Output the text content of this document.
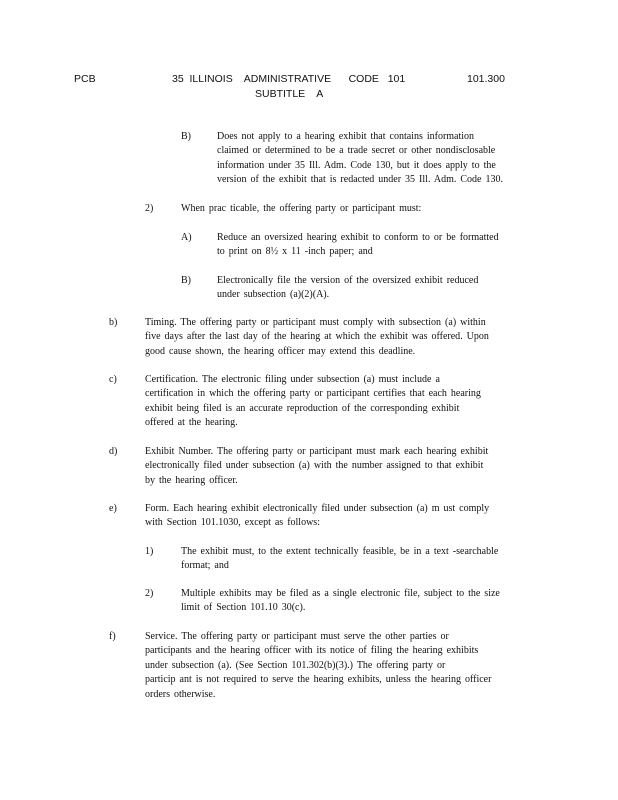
PCB	35  ILLINOIS    ADMINISTRATIVE      CODE   101	101.300
SUBTITLE    A
B)	Does not apply to a hearing exhibit that contains information
claimed or determined to be a trade secret or other nondisclosable
information under 35 Ill. Adm. Code 130, but it does apply to the
version of the exhibit that is redacted under 35 Ill. Adm. Code 130.
2)	When prac ticable, the offering party or participant must:
A)	Reduce an oversized hearing exhibit to conform to or be formatted
to print on 8½ x 11 -inch paper; and
B)	Electronically file the version of the oversized exhibit reduced
under subsection (a)(2)(A).
b)	Timing. The offering party or participant must comply with subsection (a) within
five days after the last day of the hearing at which the exhibit was offered. Upon
good cause shown, the hearing officer may extend this deadline.
c)	Certification. The electronic filing under subsection (a) must include a
certification in which the offering party or participant certifies that each hearing
exhibit being filed is an accurate reproduction of the corresponding exhibit
offered at the hearing.
d)	Exhibit Number. The offering party or participant must mark each hearing exhibit
electronically filed under subsection (a) with the number assigned to that exhibit
by the hearing officer.
e)	Form. Each hearing exhibit electronically filed under subsection (a) m ust comply
with Section 101.1030, except as follows:
1)	The exhibit must, to the extent technically feasible, be in a text -searchable
format; and
2)	Multiple exhibits may be filed as a single electronic file, subject to the size
limit of Section 101.10 30(c).
f)	Service. The offering party or participant must serve the other parties or
participants and the hearing officer with its notice of filing the hearing exhibits
under subsection (a). (See Section 101.302(b)(3).) The offering party or
particip ant is not required to serve the hearing exhibits, unless the hearing officer
orders otherwise.
